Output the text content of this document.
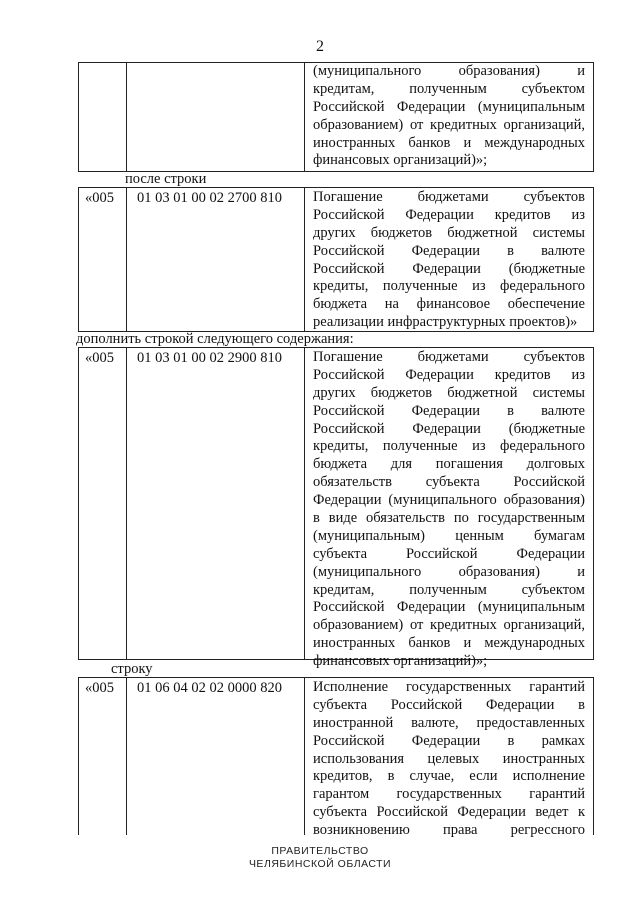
2
(муниципального образования) и
кредитам, полученным субъектом
Российской Федерации (муниципальным
образованием) от кредитных организаций,
иностранных банков и международных
финансовых организаций)»;
после строки
«005	01 03 01 00 02 2700 810	Погашение бюджетами субъектов
Российской Федерации кредитов из
других бюджетов бюджетной системы
Российской Федерации в валюте
Российской Федерации (бюджетные
кредиты, полученные из федерального
бюджета на финансовое обеспечение
реализации инфраструктурных проектов)»
дополнить строкой следующего содержания:
«005	01 03 01 00 02 2900 810	Погашение бюджетами субъектов
Российской Федерации кредитов из
других бюджетов бюджетной системы
Российской Федерации в валюте
Российской Федерации (бюджетные
кредиты, полученные из федерального
бюджета для погашения долговых
обязательств субъекта Российской
Федерации (муниципального образования)
в виде обязательств по государственным
(муниципальным) ценным бумагам
субъекта Российской Федерации
(муниципального образования) и
кредитам, полученным субъектом
Российской Федерации (муниципальным
образованием) от кредитных организаций,
иностранных банков и международных
финансовых организаций)»;
строку
«005	01 06 04 02 02 0000 820	Исполнение государственных гарантий
субъекта Российской Федерации в
иностранной валюте, предоставленных
Российской Федерации в рамках
использования целевых иностранных
кредитов, в случае, если исполнение
гарантом государственных гарантий
субъекта Российской Федерации ведет к
возникновению права регрессного
ПРАВИТЕЛЬСТВО
ЧЕЛЯБИНСКОЙ ОБЛАСТИ
